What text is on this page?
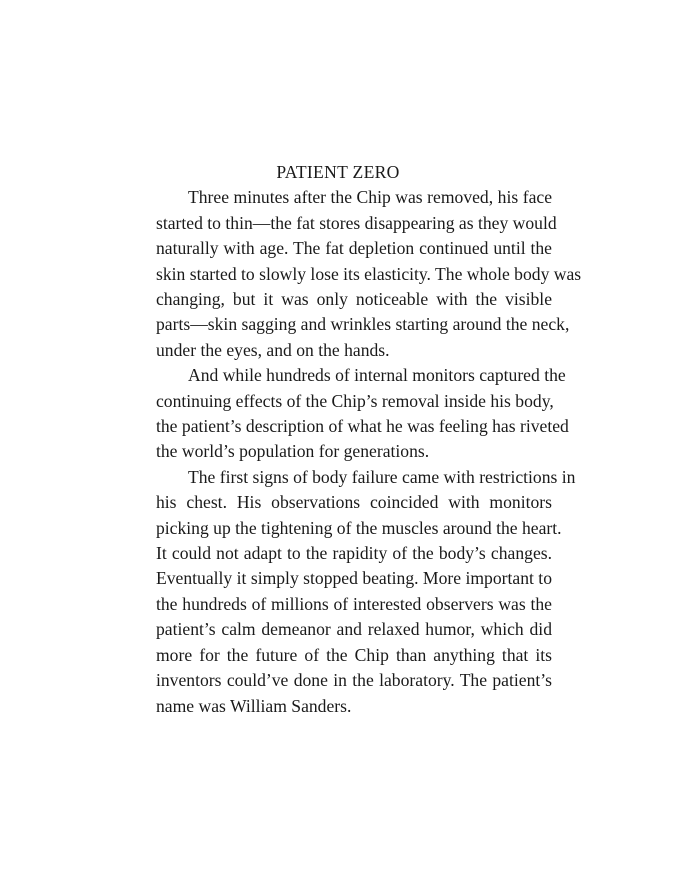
PATIENT ZERO
Three minutes after the Chip was removed, his face
started to thin—the fat stores disappearing as they would
naturally with age. The fat depletion continued until the
skin started to slowly lose its elasticity. The whole body was
changing, but it was only noticeable with the visible
parts—skin sagging and wrinkles starting around the neck,
under the eyes, and on the hands.
And while hundreds of internal monitors captured the
continuing effects of the Chip’s removal inside his body,
the patient’s description of what he was feeling has riveted
the world’s population for generations.
The first signs of body failure came with restrictions in
his chest. His observations coincided with monitors
picking up the tightening of the muscles around the heart.
It could not adapt to the rapidity of the body’s changes.
Eventually it simply stopped beating. More important to
the hundreds of millions of interested observers was the
patient’s calm demeanor and relaxed humor, which did
more for the future of the Chip than anything that its
inventors could’ve done in the laboratory. The patient’s
name was William Sanders.
